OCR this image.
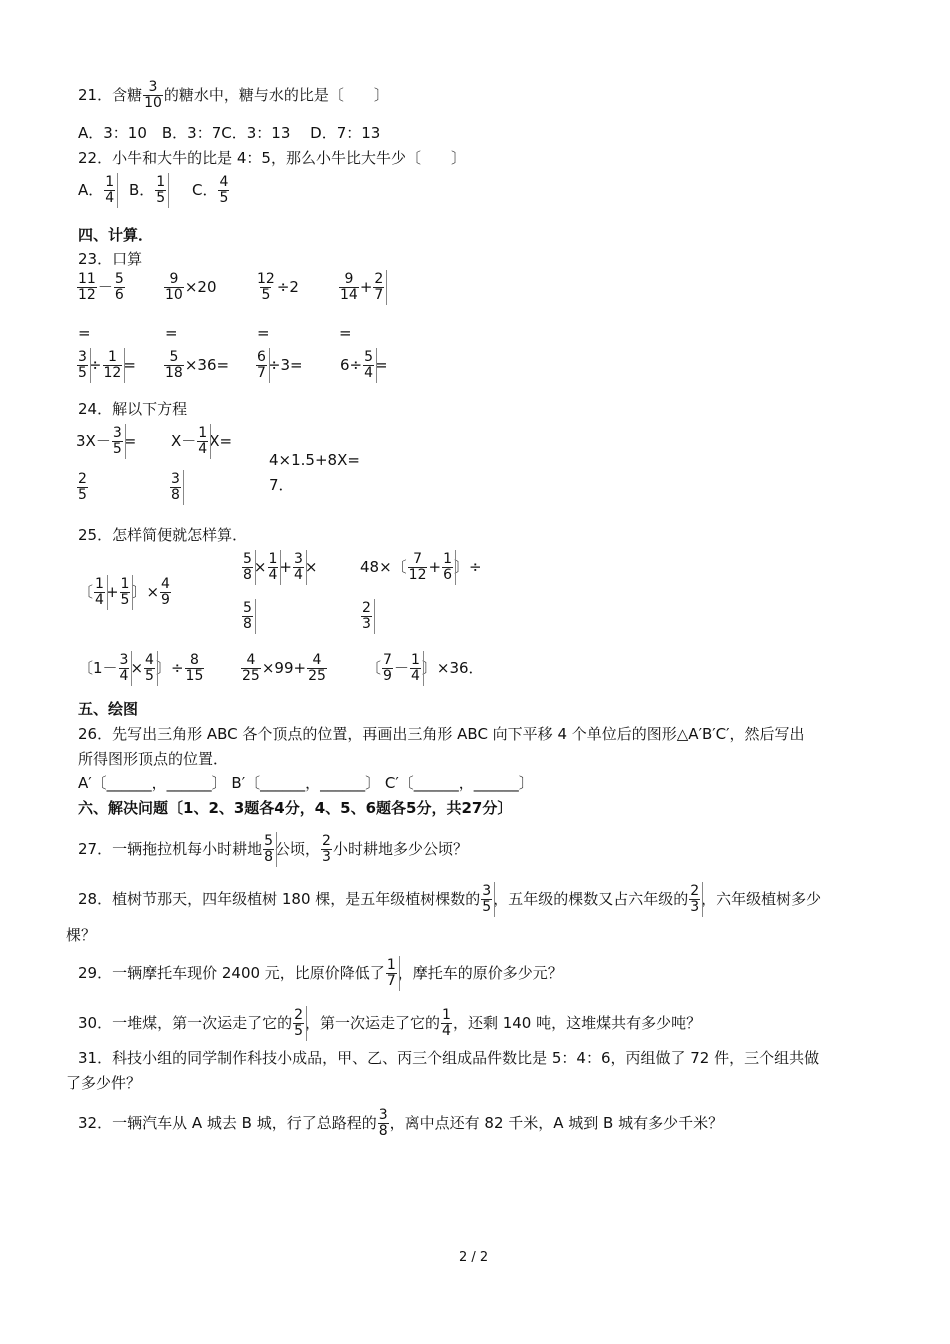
21．含糖 $\frac{3}{10}$ 的糖水中，糖与水的比是〔　　〕
A．3：10　B．3：7C．3：13　 D．7：13
22．小牛和大牛的比是 4：5，那么小牛比大牛少〔　　〕
A． $\frac{1}{4}$ B． $\frac{1}{5}$ C． $\frac{4}{5}$
四、计算．
23．口算
$\frac{11}{12} - \frac{5}{6}$	$\frac{9}{10} \times 20$	$\frac{12}{5} \div 2$	$\frac{9}{14} + \frac{2}{7}$
=	=	=	=
$\frac{3}{5} \div \frac{1}{12} = \frac{5}{18} \times 36= \frac{6}{7} \div 3= 6\div \frac{5}{4}$ =
24．解以下方程
$3X- \frac{3}{5}$ =
$\frac{2}{5}$
$X- \frac{1}{4} X=$
$\frac{3}{8}$
4×1.5+8X=
7．
25．怎样简便就怎样算．
〔 $\frac{1}{4} + \frac{1}{5}$ 〕× $\frac{4}{9}$
$\frac{5}{8} \times \frac{1}{4} + \frac{3}{4}$ ×
$\frac{5}{8}$
48×〔 $\frac{7}{12} + \frac{1}{6}$ 〕÷
$\frac{2}{3}$
〔$1- \frac{3}{4} \times \frac{4}{5}$ 〕÷ $\frac{8}{15}$	$\frac{4}{25} \times 99+ \frac{4}{25}$	〔 $\frac{7}{9} - \frac{1}{4}$ 〕×36．
五、绘图
26．先写出三角形 ABC 各个顶点的位置，再画出三角形 ABC 向下平移 4 个单位后的图形△A′B′C′，然后写出
所得图形顶点的位置．
A′〔______，______〕 B′〔______，______〕 C′〔______，______〕
六、解决问题〔1、2、3题各4分，4、5、6题各5分，共27分〕
27．一辆拖拉机每小时耕地 $\frac{5}{8}$ 公顷， $\frac{2}{3}$ 小时耕地多少公顷？
28．植树节那天，四年级植树 180 棵，是五年级植树棵数的 $\frac{3}{5}$ ，五年级的棵数又占六年级的 $\frac{2}{3}$ ，六年级植树多少
棵？
29．一辆摩托车现价 2400 元，比原价降低了 $\frac{1}{7}$ ，摩托车的原价多少元？
30．一堆煤，第一次运走了它的 $\frac{2}{5}$ ，第一次运走了它的 $\frac{1}{4}$ ，还剩 140 吨，这堆煤共有多少吨？
31．科技小组的同学制作科技小成品，甲、乙、丙三个组成品件数比是 5：4：6，丙组做了 72 件，三个组共做
了多少件？
32．一辆汽车从 A 城去 B 城，行了总路程的 $\frac{3}{8}$ ，离中点还有 82 千米，A 城到 B 城有多少千米？
2 / 2
